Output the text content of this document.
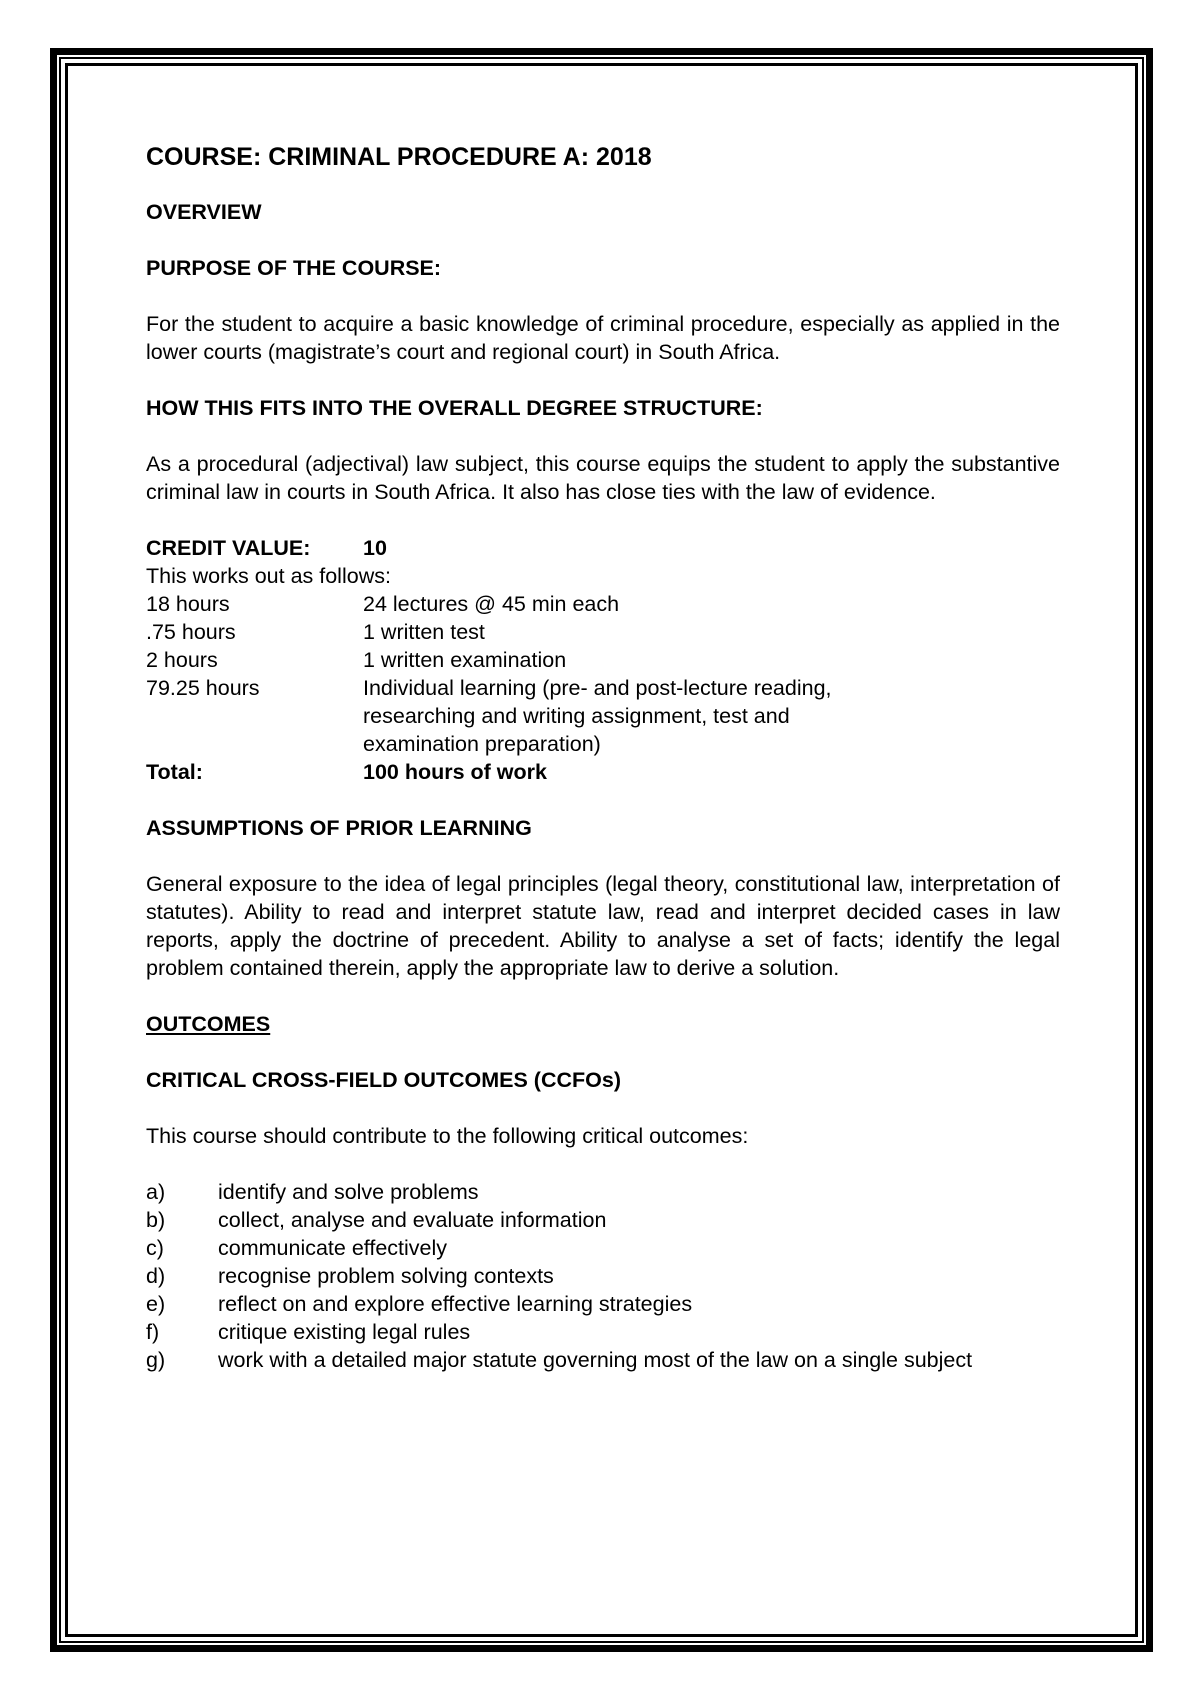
COURSE: CRIMINAL PROCEDURE A: 2018
OVERVIEW
PURPOSE OF THE COURSE:

For the student to acquire a basic knowledge of criminal procedure, especially as applied in the lower courts (magistrate’s court and regional court) in South Africa.

HOW THIS FITS INTO THE OVERALL DEGREE STRUCTURE:

As a procedural (adjectival) law subject, this course equips the student to apply the substantive criminal law in courts in South Africa. It also has close ties with the law of evidence.

CREDIT VALUE:	10
This works out as follows:
18 hours	24 lectures @ 45 min each
.75 hours	1 written test
2 hours	1 written examination
79.25 hours	Individual learning (pre- and post-lecture reading, researching and writing assignment, test and examination preparation)
Total:	100 hours of work
ASSUMPTIONS OF PRIOR LEARNING

General exposure to the idea of legal principles (legal theory, constitutional law, interpretation of statutes). Ability to read and interpret statute law, read and interpret decided cases in law reports, apply the doctrine of precedent. Ability to analyse a set of facts; identify the legal problem contained therein, apply the appropriate law to derive a solution.

OUTCOMES
CRITICAL CROSS-FIELD OUTCOMES (CCFOs)

This course should contribute to the following critical outcomes:

a)	identify and solve problems
b)	collect, analyse and evaluate information
c)	communicate effectively
d)	recognise problem solving contexts
e)	reflect on and explore effective learning strategies
f)	critique existing legal rules
g)	work with a detailed major statute governing most of the law on a single subject
